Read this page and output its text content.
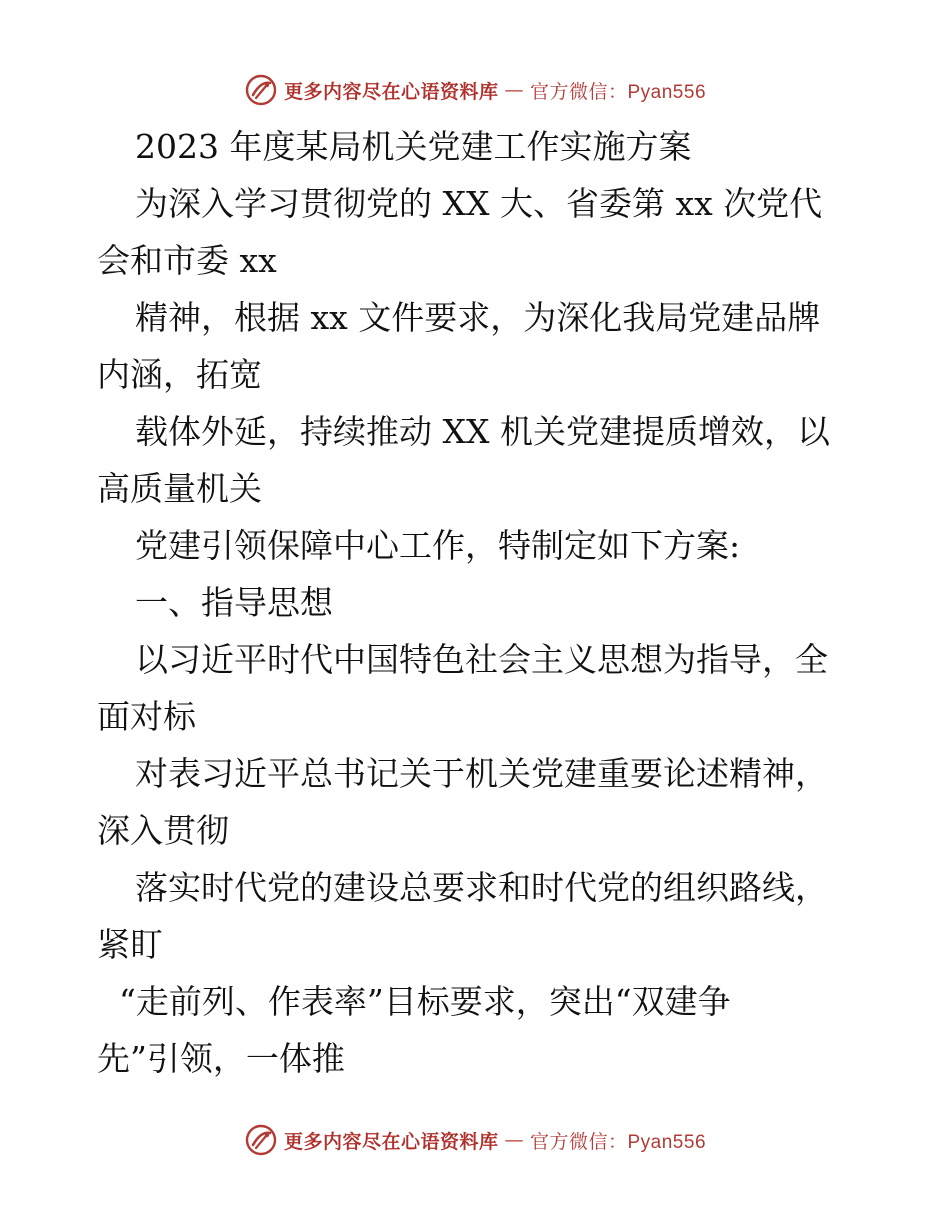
更多内容尽在心语资料库 — 官方微信：Pyan556
2023 年度某局机关党建工作实施方案
为深入学习贯彻党的 XX 大、省委第 xx 次党代
会和市委 xx
精神，根据 xx 文件要求，为深化我局党建品牌
内涵，拓宽
载体外延，持续推动 XX 机关党建提质增效，以
高质量机关
党建引领保障中心工作，特制定如下方案:
一、指导思想
以习近平时代中国特色社会主义思想为指导，全
面对标
对表习近平总书记关于机关党建重要论述精神，
深入贯彻
落实时代党的建设总要求和时代党的组织路线，
紧盯
“走前列、作表率”目标要求，突出“双建争
先”引领，一体推
更多内容尽在心语资料库 — 官方微信：Pyan556
